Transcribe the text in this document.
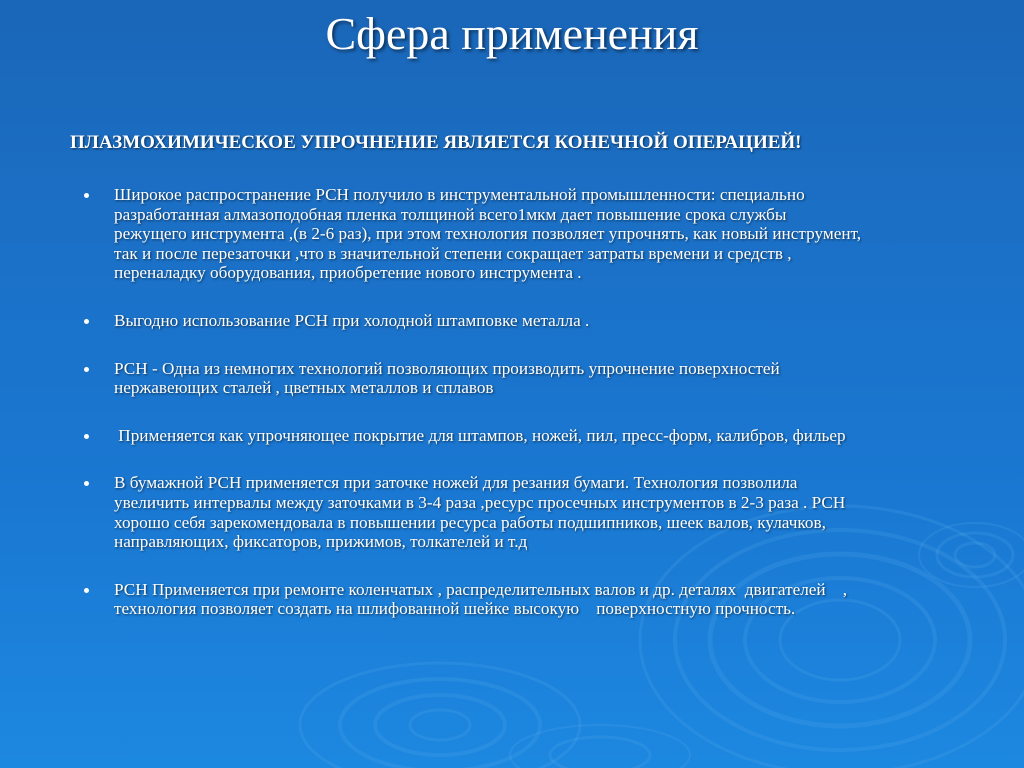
Сфера применения
ПЛАЗМОХИМИЧЕСКОЕ УПРОЧНЕНИЕ ЯВЛЯЕТСЯ КОНЕЧНОЙ ОПЕРАЦИЕЙ!
Широкое распространение РСН получило в инструментальной промышленности: специально
разработанная алмазоподобная пленка толщиной всего1мкм дает повышение срока службы
режущего инструмента ,(в 2-6 раз), при этом технология позволяет упрочнять, как новый инструмент,
так и после перезаточки ,что в значительной степени сокращает затраты времени и средств ,
переналадку оборудования, приобретение нового инструмента .
Выгодно использование РСН при холодной штамповке металла .
РСН - Одна из немногих технологий позволяющих производить упрочнение поверхностей
нержавеющих сталей , цветных металлов и сплавов
Применяется как упрочняющее покрытие для штампов, ножей, пил, пресс-форм, калибров, фильер
В бумажной РСН применяется при заточке ножей для резания бумаги. Технология позволила
увеличить интервалы между заточками в 3-4 раза ,ресурс просечных инструментов в 2-3 раза . РСН
хорошо себя зарекомендовала в повышении ресурса работы подшипников, шеек валов, кулачков,
направляющих, фиксаторов, прижимов, толкателей и т.д
РСН Применяется при ремонте коленчатых , распределительных валов и др. деталях  двигателей    ,
технология позволяет создать на шлифованной шейке высокую    поверхностную прочность.
